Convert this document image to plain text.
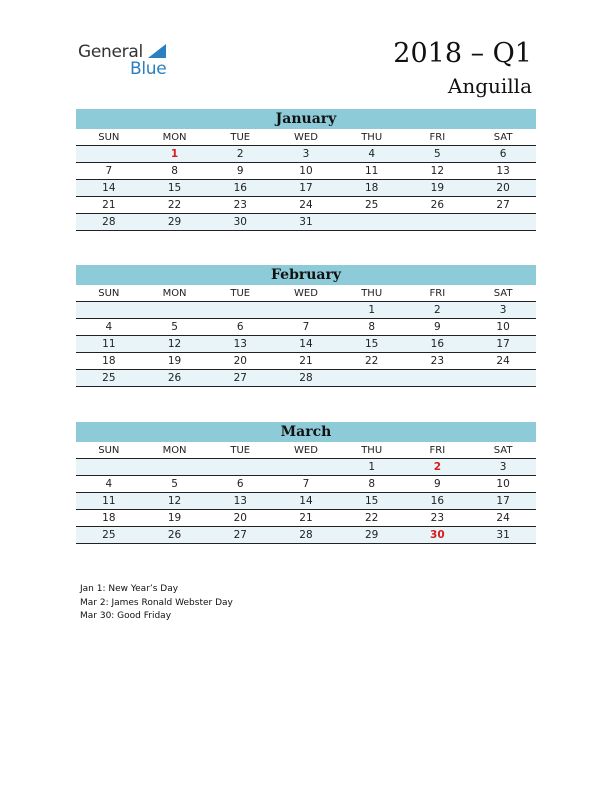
General
Blue	2018 – Q1
Anguilla
January
SUN	MON	TUE	WED	THU	FRI	SAT
	1	2	3	4	5	6
7	8	9	10	11	12	13
14	15	16	17	18	19	20
21	22	23	24	25	26	27
28	29	30	31			
February
SUN	MON	TUE	WED	THU	FRI	SAT
				1	2	3
4	5	6	7	8	9	10
11	12	13	14	15	16	17
18	19	20	21	22	23	24
25	26	27	28			
March
SUN	MON	TUE	WED	THU	FRI	SAT
				1	2	3
4	5	6	7	8	9	10
11	12	13	14	15	16	17
18	19	20	21	22	23	24
25	26	27	28	29	30	31
Jan 1: New Year’s Day
Mar 2: James Ronald Webster Day
Mar 30: Good Friday
